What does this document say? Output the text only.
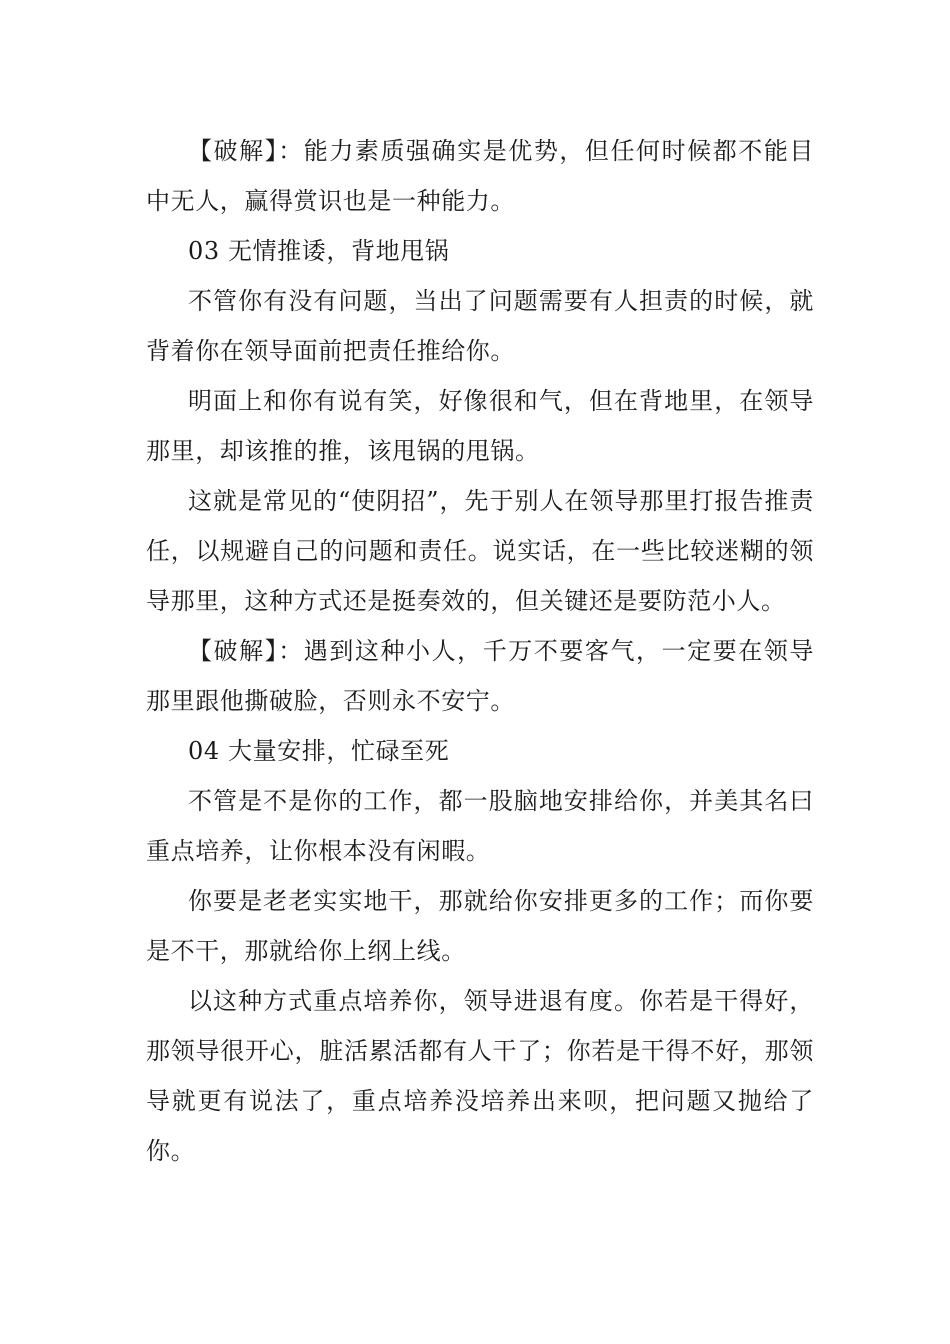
【破解】：能力素质强确实是优势，但任何时候都不能目中无人，赢得赏识也是一种能力。

03 无情推诿，背地甩锅

不管你有没有问题，当出了问题需要有人担责的时候，就背着你在领导面前把责任推给你。

明面上和你有说有笑，好像很和气，但在背地里，在领导那里，却该推的推，该甩锅的甩锅。

这就是常见的“使阴招”，先于别人在领导那里打报告推责任，以规避自己的问题和责任。说实话，在一些比较迷糊的领导那里，这种方式还是挺奏效的，但关键还是要防范小人。

【破解】：遇到这种小人，千万不要客气，一定要在领导那里跟他撕破脸，否则永不安宁。

04 大量安排，忙碌至死

不管是不是你的工作，都一股脑地安排给你，并美其名曰重点培养，让你根本没有闲暇。

你要是老老实实地干，那就给你安排更多的工作；而你要是不干，那就给你上纲上线。

以这种方式重点培养你，领导进退有度。你若是干得好，那领导很开心，脏活累活都有人干了；你若是干得不好，那领导就更有说法了，重点培养没培养出来呗，把问题又抛给了你。
